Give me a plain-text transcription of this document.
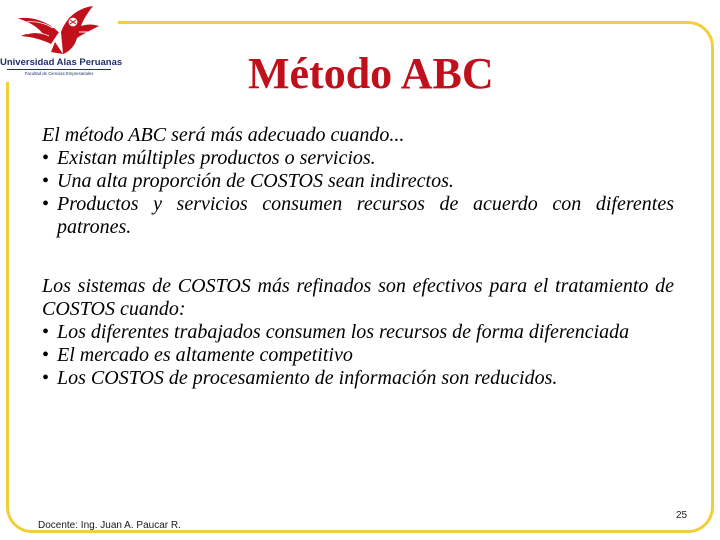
Universidad Alas Peruanas
Facultad de Ciencias Empresariales	Método ABC

El método ABC será más adecuado cuando...

• Existan múltiples productos o servicios.
• Una alta proporción de COSTOS sean indirectos.
• Productos y servicios consumen recursos de acuerdo con diferentes patrones.

Los sistemas de COSTOS más refinados son efectivos para el tratamiento de COSTOS cuando:

• Los diferentes trabajados consumen los recursos de forma diferenciada
• El mercado es altamente competitivo
• Los COSTOS de procesamiento de información son reducidos.
Docente: Ing. Juan A. Paucar R.
25
